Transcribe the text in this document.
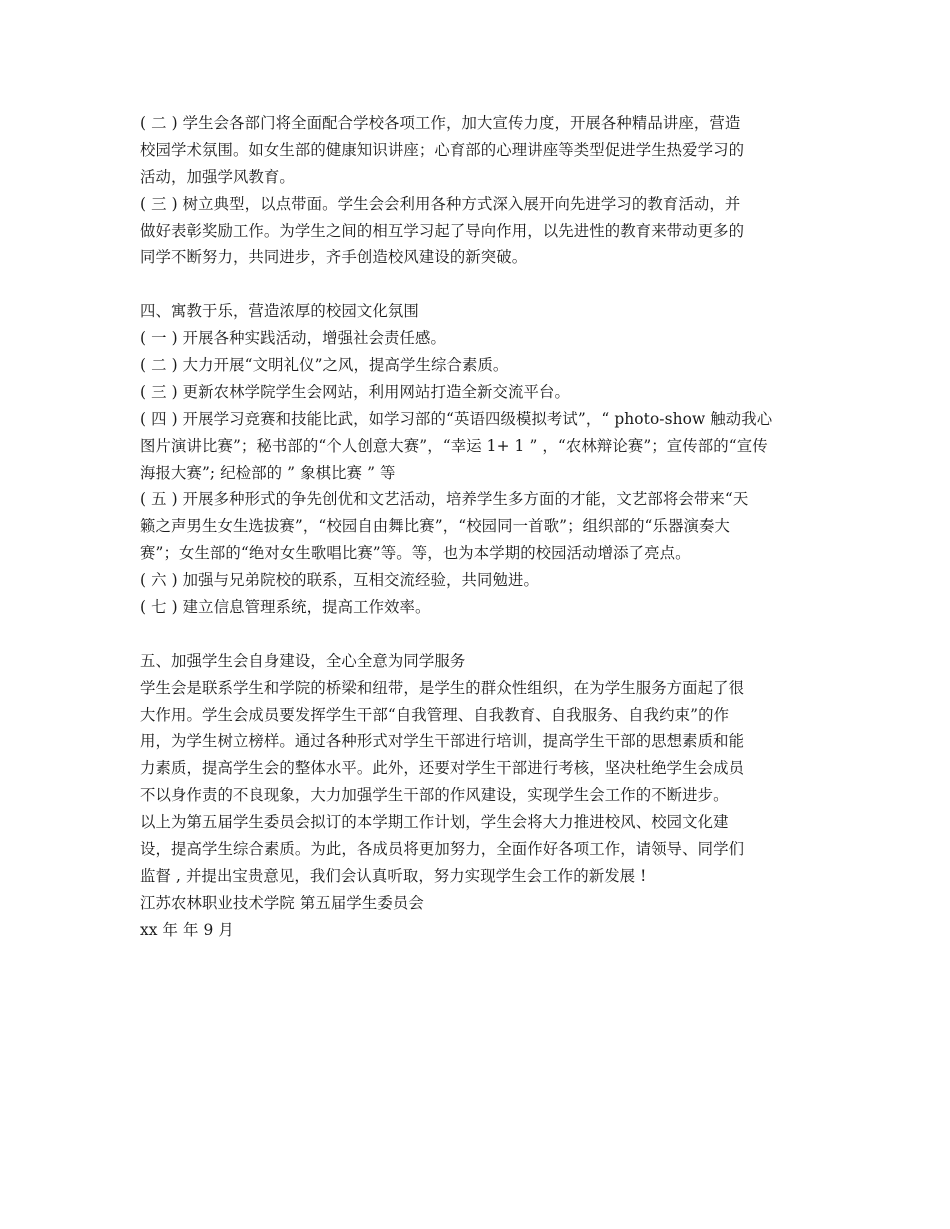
( 二 ) 学生会各部门将全面配合学校各项工作，加大宣传力度，开展各种精品讲座，营造
校园学术氛围。如女生部的健康知识讲座；心育部的心理讲座等类型促进学生热爱学习的
活动，加强学风教育。
( 三 ) 树立典型，以点带面。学生会会利用各种方式深入展开向先进学习的教育活动，并
做好表彰奖励工作。为学生之间的相互学习起了导向作用，以先进性的教育来带动更多的
同学不断努力，共同进步，齐手创造校风建设的新突破。
四、寓教于乐，营造浓厚的校园文化氛围
( 一 ) 开展各种实践活动，增强社会责任感。
( 二 ) 大力开展“文明礼仪”之风，提高学生综合素质。
( 三 ) 更新农林学院学生会网站，利用网站打造全新交流平台。
( 四 ) 开展学习竞赛和技能比武，如学习部的“英语四级模拟考试”，“ photo-show 触动我心
图片演讲比赛”；秘书部的“个人创意大赛”，“幸运 1+ 1 ” ，“农林辩论赛”；宣传部的“宣传
海报大赛”; 纪检部的 ” 象棋比赛 ” 等
( 五 ) 开展多种形式的争先创优和文艺活动，培养学生多方面的才能，文艺部将会带来“天
籁之声男生女生选拔赛”，“校园自由舞比赛”，“校园同一首歌”；组织部的“乐器演奏大
赛”；女生部的“绝对女生歌唱比赛”等。等，也为本学期的校园活动增添了亮点。
( 六 ) 加强与兄弟院校的联系，互相交流经验，共同勉进。
( 七 ) 建立信息管理系统，提高工作效率。
五、加强学生会自身建设，全心全意为同学服务
学生会是联系学生和学院的桥梁和纽带，是学生的群众性组织，在为学生服务方面起了很
大作用。学生会成员要发挥学生干部“自我管理、自我教育、自我服务、自我约束”的作
用，为学生树立榜样。通过各种形式对学生干部进行培训，提高学生干部的思想素质和能
力素质，提高学生会的整体水平。此外，还要对学生干部进行考核，坚决杜绝学生会成员
不以身作责的不良现象，大力加强学生干部的作风建设，实现学生会工作的不断进步。
以上为第五届学生委员会拟订的本学期工作计划，学生会将大力推进校风、校园文化建
设，提高学生综合素质。为此，各成员将更加努力，全面作好各项工作，请领导、同学们
监督 , 并提出宝贵意见，我们会认真听取，努力实现学生会工作的新发展 !
江苏农林职业技术学院 第五届学生委员会
xx 年 年 9 月
